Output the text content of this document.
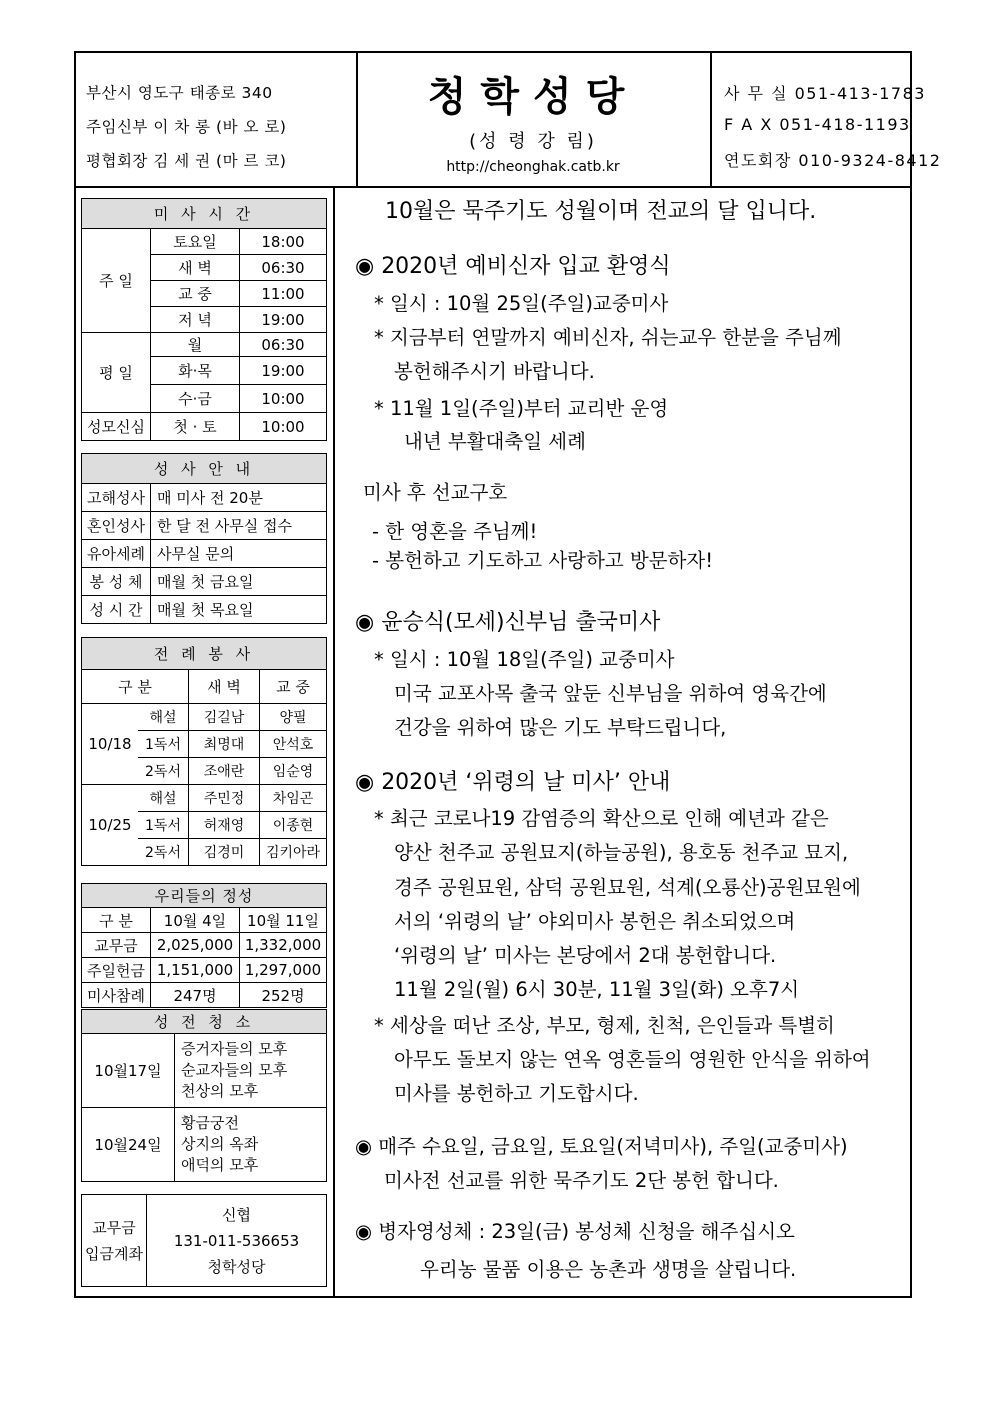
부산시 영도구 태종로 340
주임신부 이 차 롱 (바 오 로)
평협회장 김 세 권 (마 르 코)
청학성당
(성 령 강 림)
http://cheonghak.catb.kr
사 무 실 051-413-1783
F A X 051-418-1193
연도회장 010-9324-8412
미 사 시 간		
주 일	토요일	18:00
	새 벽	06:30
	교 중	11:00
	저 녁	19:00
평 일	월	06:30
	화·목	19:00
	수·금	10:00
성모신심	첫 · 토	10:00
성 사 안 내	
고해성사	매 미사 전 20분
혼인성사	한 달 전 사무실 접수
유아세례	사무실 문의
봉 성 체	매월 첫 금요일
성 시 간	매월 첫 목요일
전 례 봉 사			
구 분		새 벽	교 중
10/18	해설	김길남	양필
	1독서	최명대	안석호
	2독서	조애란	임순영
10/25	해설	주민정	차임곤
	1독서	허재영	이종현
	2독서	김경미	김키아라
우리들의 정성		
구 분	10월 4일	10월 11일
교무금	2,025,000	1,332,000
주일헌금	1,151,000	1,297,000
미사참례	247명	252명
성 전 청 소	
10월17일	증거자들의 모후
순교자들의 모후
천상의 모후

10월24일	황금궁전
상지의 옥좌
애덕의 모후
교무금
입금계좌

신협
131-011-536653
청학성당
10월은 묵주기도 성월이며 전교의 달 입니다.
◉ 2020년 예비신자 입교 환영식
* 일시 : 10월 25일(주일)교중미사
* 지금부터 연말까지 예비신자, 쉬는교우 한분을 주님께
봉헌해주시기 바랍니다.
* 11월 1일(주일)부터 교리반 운영
내년 부활대축일 세례
미사 후 선교구호
- 한 영혼을 주님께!
- 봉헌하고 기도하고 사랑하고 방문하자!
◉ 윤승식(모세)신부님 출국미사
* 일시 : 10월 18일(주일) 교중미사
미국 교포사목 출국 앞둔 신부님을 위하여 영육간에
건강을 위하여 많은 기도 부탁드립니다,
◉ 2020년 ‘위령의 날 미사’ 안내
* 최근 코로나19 감염증의 확산으로 인해 예년과 같은
양산 천주교 공원묘지(하늘공원), 용호동 천주교 묘지,
경주 공원묘원, 삼덕 공원묘원, 석계(오룡산)공원묘원에
서의 ‘위령의 날’ 야외미사 봉헌은 취소되었으며
‘위령의 날’ 미사는 본당에서 2대 봉헌합니다.
11월 2일(월) 6시 30분, 11월 3일(화) 오후7시
* 세상을 떠난 조상, 부모, 형제, 친척, 은인들과 특별히
아무도 돌보지 않는 연옥 영혼들의 영원한 안식을 위하여
미사를 봉헌하고 기도합시다.
◉ 매주 수요일, 금요일, 토요일(저녁미사), 주일(교중미사)
미사전 선교를 위한 묵주기도 2단 봉헌 합니다.
◉ 병자영성체 : 23일(금) 봉성체 신청을 해주십시오
우리농 물품 이용은 농촌과 생명을 살립니다.
